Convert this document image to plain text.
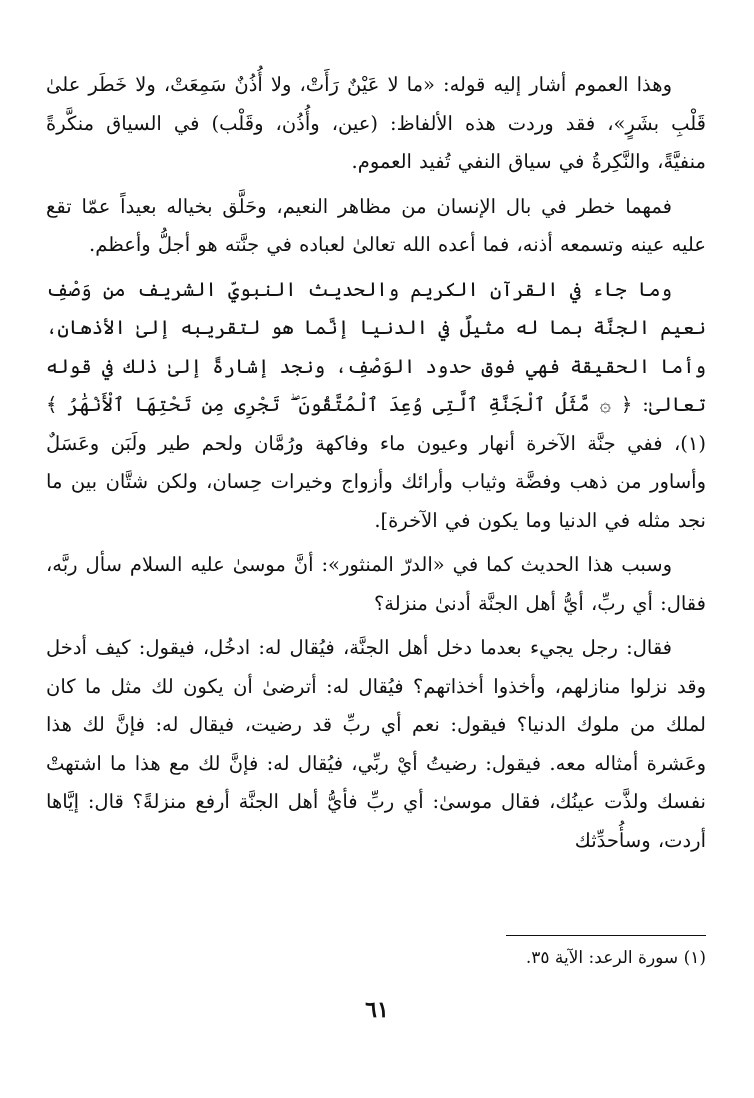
وهذا العموم أشار إليه قوله: «ما لا عَيْنٌ رَأَتْ، ولا أُذُنٌ سَمِعَتْ، ولا خَطَر علىٰ قَلْبِ بشَرٍ»، فقد وردت هذه الألفاظ: (عين، وأُذُن، وقَلْب) في السياق منكَّرةً منفيَّةً، والنَّكِرةُ في سياق النفي تُفيد العموم.

فمهما خطر في بال الإنسان من مظاهر النعيم، وحَلَّق بخياله بعيداً عمّا تقع عليه عينه وتسمعه أذنه، فما أعده الله تعالىٰ لعباده في جنَّته هو أجلُّ وأعظم.

وما جاء في القرآن الكريم والحديث النبويِّ الشريف من وَصْفِ نعيم الجنَّة بما له مثيلٌ في الدنيا إنَّما هو لتقريبه إلىٰ الأذهان، وأما الحقيقة فهي فوق حدود الوَصْفِ، ونجد إشارةً إلىٰ ذلك في قوله تعالىٰ: ﴿ ۞ مَّثَلُ ٱلْجَنَّةِ ٱلَّتِى وُعِدَ ٱلْمُتَّقُونَ ۖ تَجْرِى مِن تَحْتِهَا ٱلْأَنْهَٰرُ ﴾ (١)، ففي جنَّة الآخرة أنهار وعيون ماء وفاكهة ورُمَّان ولحم طير ولَبَن وعَسَلٌ وأساور من ذهب وفضَّة وثياب وأرائك وأزواج وخيرات حِسان، ولكن شتَّان بين ما نجد مثله في الدنيا وما يكون في الآخرة].

وسبب هذا الحديث كما في «الدرّ المنثور»: أنَّ موسىٰ عليه السلام سأل ربَّه، فقال: أي ربِّ، أيُّ أهل الجنَّة أدنىٰ منزلة؟

فقال: رجل يجيء بعدما دخل أهل الجنَّة، فيُقال له: ادخُل، فيقول: كيف أدخل وقد نزلوا منازلهم، وأخذوا أخذاتهم؟ فيُقال له: أترضىٰ أن يكون لك مثل ما كان لملك من ملوك الدنيا؟ فيقول: نعم أي ربِّ قد رضيت، فيقال له: فإنَّ لك هذا وعَشرة أمثاله معه. فيقول: رضيتُ أيْ ربِّي، فيُقال له: فإنَّ لك مع هذا ما اشتهتْ نفسك ولذَّت عينُك، فقال موسىٰ: أي ربِّ فأيُّ أهل الجنَّة أرفع منزلةً؟ قال: إيَّاها أردت، وسأُحدِّثك

(١) سورة الرعد: الآية ٣٥.
٦١
